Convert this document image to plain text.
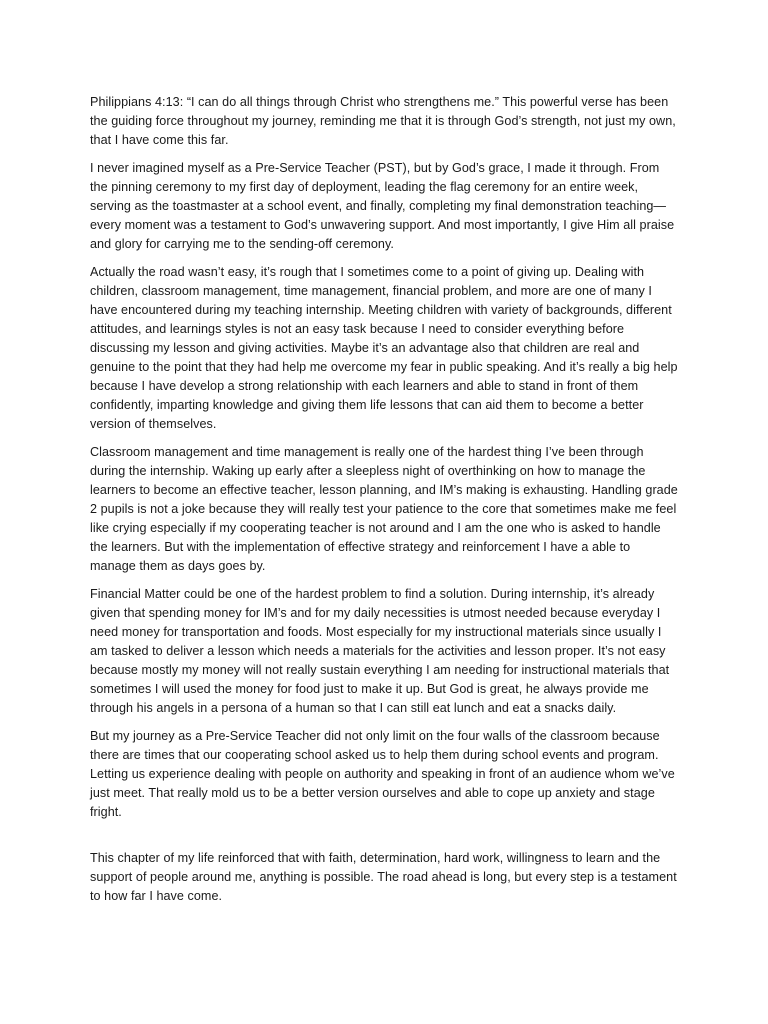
Philippians 4:13: “I can do all things through Christ who strengthens me.” This powerful verse has been the guiding force throughout my journey, reminding me that it is through God’s strength, not just my own, that I have come this far.

I never imagined myself as a Pre-Service Teacher (PST), but by God’s grace, I made it through. From the pinning ceremony to my first day of deployment, leading the flag ceremony for an entire week, serving as the toastmaster at a school event, and finally, completing my final demonstration teaching—every moment was a testament to God’s unwavering support. And most importantly, I give Him all praise and glory for carrying me to the sending-off ceremony.

Actually the road wasn’t easy, it’s rough that I sometimes come to a point of giving up. Dealing with children, classroom management, time management, financial problem, and more are one of many I have encountered during my teaching internship. Meeting children with variety of backgrounds, different attitudes, and learnings styles is not an easy task because I need to consider everything before discussing my lesson and giving activities. Maybe it’s an advantage also that children are real and genuine to the point that they had help me overcome my fear in public speaking. And it’s really a big help because I have develop a strong relationship with each learners and able to stand in front of them confidently, imparting knowledge and giving them life lessons that can aid them to become a better version of themselves.

Classroom management and time management is really one of the hardest thing I’ve been through during the internship. Waking up early after a sleepless night of overthinking on how to manage the learners to become an effective teacher, lesson planning, and IM’s making is exhausting. Handling grade 2 pupils is not a joke because they will really test your patience to the core that sometimes make me feel like crying especially if my cooperating teacher is not around and I am the one who is asked to handle the learners. But with the implementation of effective strategy and reinforcement I have a able to manage them as days goes by.

Financial Matter could be one of the hardest problem to find a solution. During internship, it’s already given that spending money for IM’s and for my daily necessities is utmost needed because everyday I need money for transportation and foods. Most especially for my instructional materials since usually I am tasked to deliver a lesson which needs a materials for the activities and lesson proper. It’s not easy because mostly my money will not really sustain everything I am needing for instructional materials that sometimes I will used the money for food just to make it up. But God is great, he always provide me through his angels in a persona of a human so that I can still eat lunch and eat a snacks daily.

But my journey as a Pre-Service Teacher did not only limit on the four walls of the classroom because there are times that our cooperating school asked us to help them during school events and program. Letting us experience dealing with people on authority and speaking in front of an audience whom we’ve just meet. That really mold us to be a better version ourselves and able to cope up anxiety and stage fright.

This chapter of my life reinforced that with faith, determination, hard work, willingness to learn and the support of people around me, anything is possible. The road ahead is long, but every step is a testament to how far I have come.
